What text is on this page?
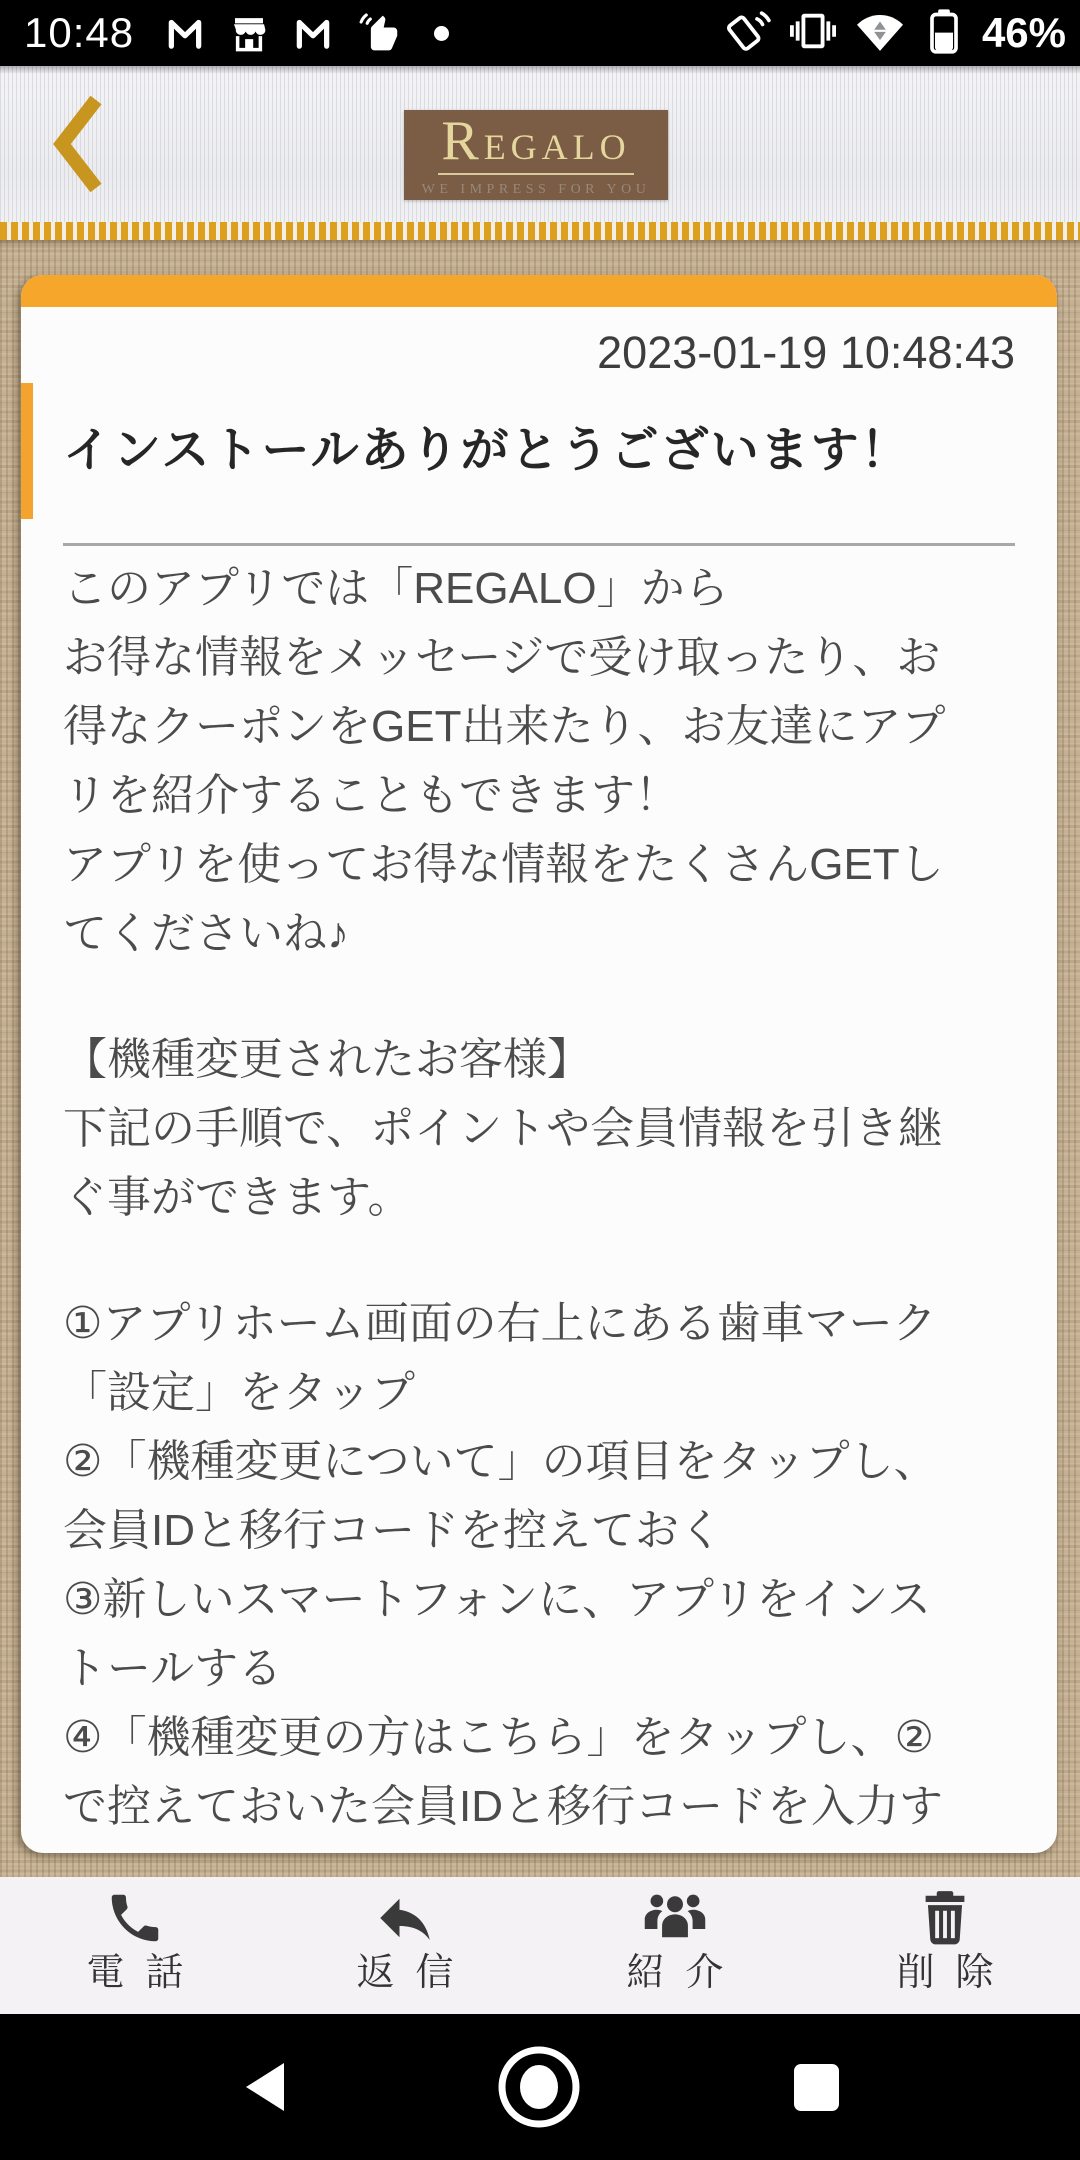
10:48	46%
REGALO
WE IMPRESS FOR YOU
2023-01-19 10:48:43
インストールありがとうございます！
このアプリでは「REGALO」から
お得な情報をメッセージで受け取ったり、お
得なクーポンをGET出来たり、お友達にアプ
リを紹介することもできます！
アプリを使ってお得な情報をたくさんGETし
てくださいね♪
【機種変更されたお客様】
下記の手順で、ポイントや会員情報を引き継
ぐ事ができます。
①アプリホーム画面の右上にある歯車マーク
「設定」をタップ
②「機種変更について」の項目をタップし、
会員IDと移行コードを控えておく
③新しいスマートフォンに、アプリをインス
トールする
④「機種変更の方はこちら」をタップし、②
で控えておいた会員IDと移行コードを入力す
電話	返信	紹介	削除
